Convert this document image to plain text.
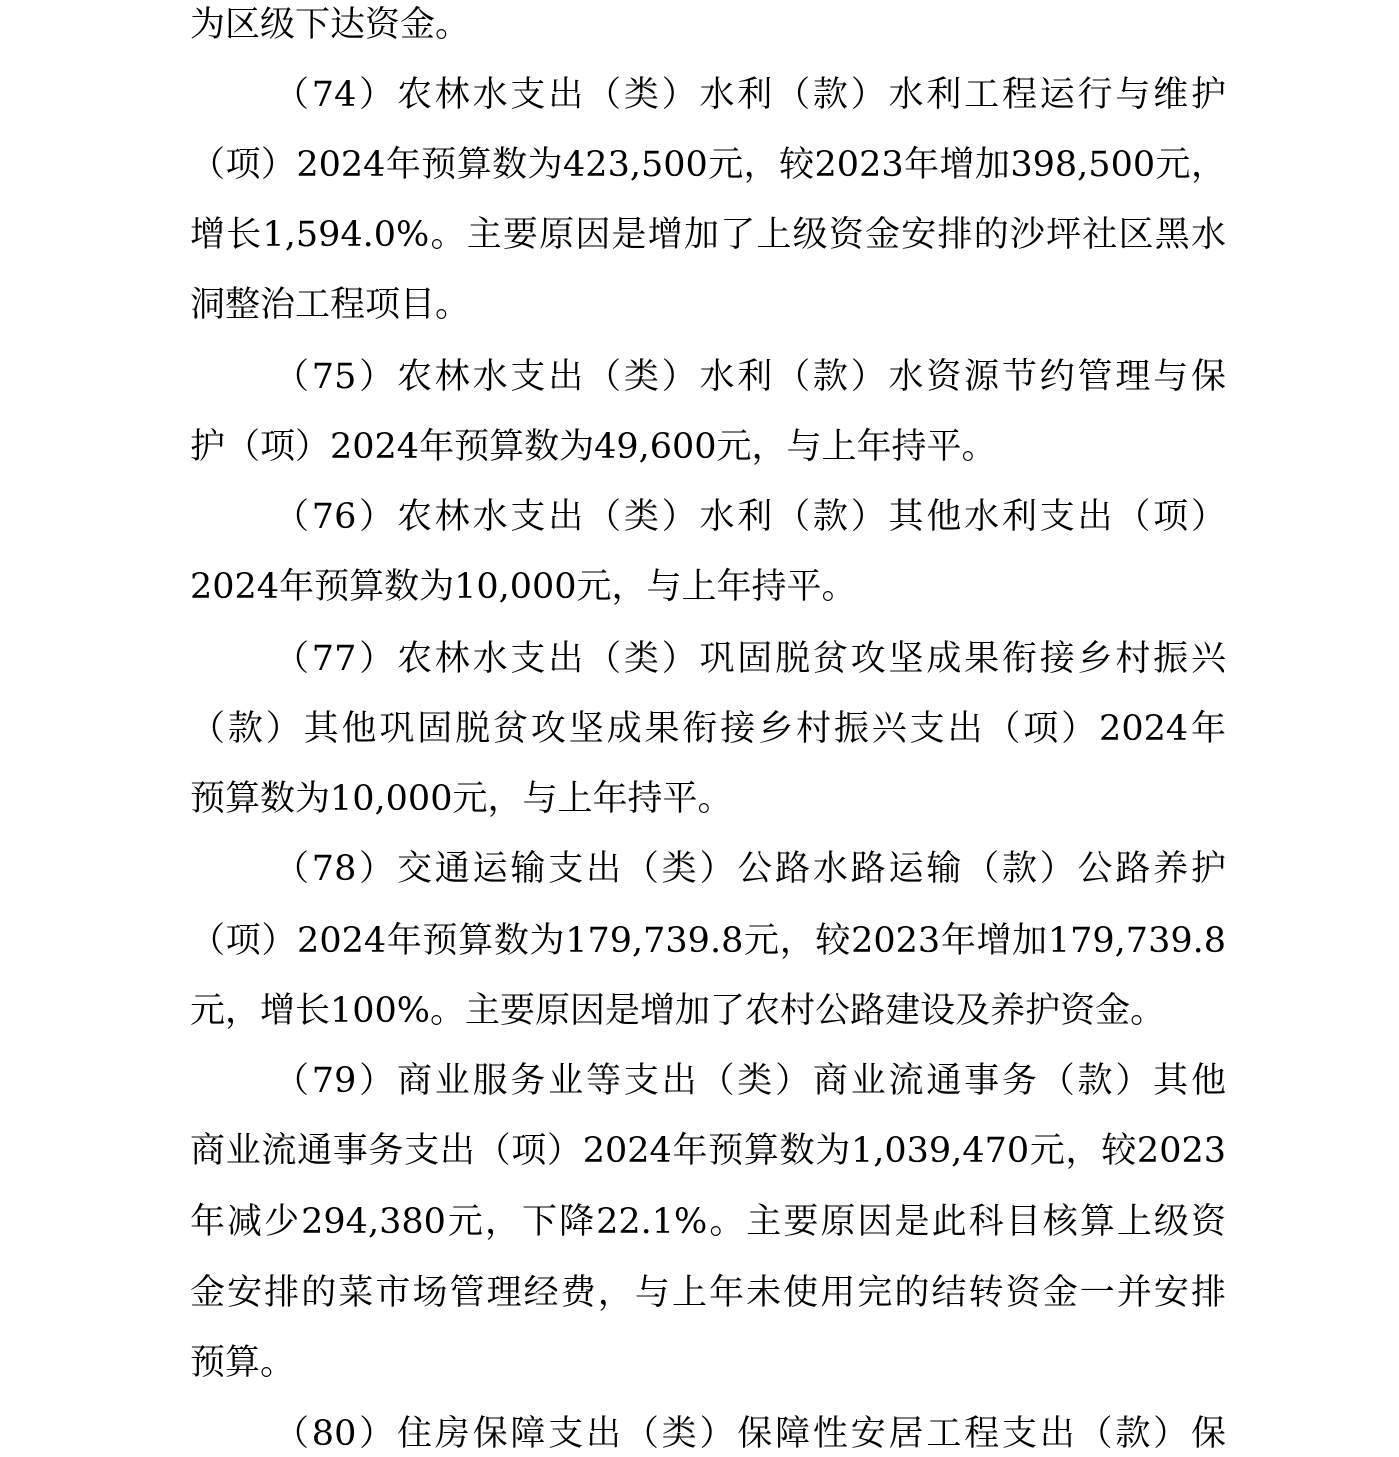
为区级下达资金。
（74）农林水支出（类）水利（款）水利工程运行与维护
（项）2024年预算数为423,500元，较2023年增加398,500元，
增长1,594.0%。主要原因是增加了上级资金安排的沙坪社区黑水
洞整治工程项目。
（75）农林水支出（类）水利（款）水资源节约管理与保
护（项）2024年预算数为49,600元，与上年持平。
（76）农林水支出（类）水利（款）其他水利支出（项）
2024年预算数为10,000元，与上年持平。
（77）农林水支出（类）巩固脱贫攻坚成果衔接乡村振兴
（款）其他巩固脱贫攻坚成果衔接乡村振兴支出（项）2024年
预算数为10,000元，与上年持平。
（78）交通运输支出（类）公路水路运输（款）公路养护
（项）2024年预算数为179,739.8元，较2023年增加179,739.8
元，增长100%。主要原因是增加了农村公路建设及养护资金。
（79）商业服务业等支出（类）商业流通事务（款）其他
商业流通事务支出（项）2024年预算数为1,039,470元，较2023
年减少294,380元，下降22.1%。主要原因是此科目核算上级资
金安排的菜市场管理经费，与上年未使用完的结转资金一并安排
预算。
（80）住房保障支出（类）保障性安居工程支出（款）保
